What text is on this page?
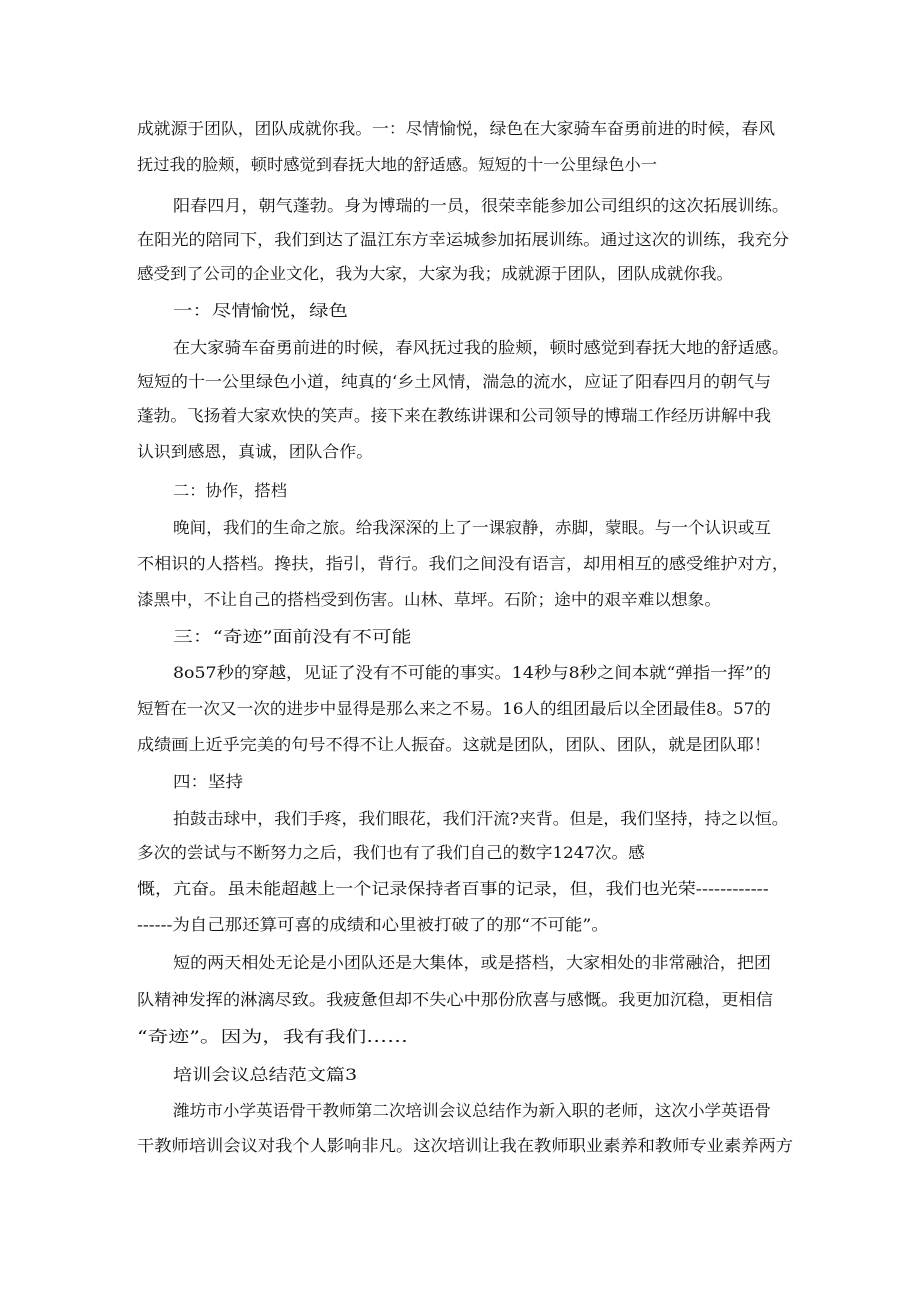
成就源于团队，团队成就你我。一：尽情愉悦，绿色在大家骑车奋勇前进的时候，春风
抚过我的脸颊，顿时感觉到春抚大地的舒适感。短短的十一公里绿色小一
阳春四月，朝气蓬勃。身为博瑞的一员，很荣幸能参加公司组织的这次拓展训练。
在阳光的陪同下，我们到达了温江东方幸运城参加拓展训练。通过这次的训练，我充分
感受到了公司的企业文化，我为大家，大家为我；成就源于团队，团队成就你我。
一：尽情愉悦，绿色
在大家骑车奋勇前进的时候，春风抚过我的脸颊，顿时感觉到春抚大地的舒适感。
短短的十一公里绿色小道，纯真的‘乡土风情，湍急的流水，应证了阳春四月的朝气与
蓬勃。飞扬着大家欢快的笑声。接下来在教练讲课和公司领导的博瑞工作经历讲解中我
认识到感恩，真诚，团队合作。
二：协作，搭档
晚间，我们的生命之旅。给我深深的上了一课寂静，赤脚，蒙眼。与一个认识或互
不相识的人搭档。搀扶，指引，背行。我们之间没有语言，却用相互的感受维护对方，
漆黑中，不让自己的搭档受到伤害。山林、草坪。石阶；途中的艰辛难以想象。
三：“奇迹”面前没有不可能
8o57秒的穿越，见证了没有不可能的事实。14秒与8秒之间本就“弹指一挥”的
短暂在一次又一次的进步中显得是那么来之不易。16人的组团最后以全团最佳8。57的
成绩画上近乎完美的句号不得不让人振奋。这就是团队，团队、团队，就是团队耶！
四：坚持
拍鼓击球中，我们手疼，我们眼花，我们汗流?夹背。但是，我们坚持，持之以恒。
多次的尝试与不断努力之后，我们也有了我们自己的数字1247次。感
慨，亢奋。虽未能超越上一个记录保持者百事的记录，但，我们也光荣------------
------为自己那还算可喜的成绩和心里被打破了的那“不可能”。
短的两天相处无论是小团队还是大集体，或是搭档，大家相处的非常融洽，把团
队精神发挥的淋漓尽致。我疲惫但却不失心中那份欣喜与感慨。我更加沉稳，更相信
“奇迹”。因为，我有我们……
培训会议总结范文篇3
潍坊市小学英语骨干教师第二次培训会议总结作为新入职的老师，这次小学英语骨
干教师培训会议对我个人影响非凡。这次培训让我在教师职业素养和教师专业素养两方
